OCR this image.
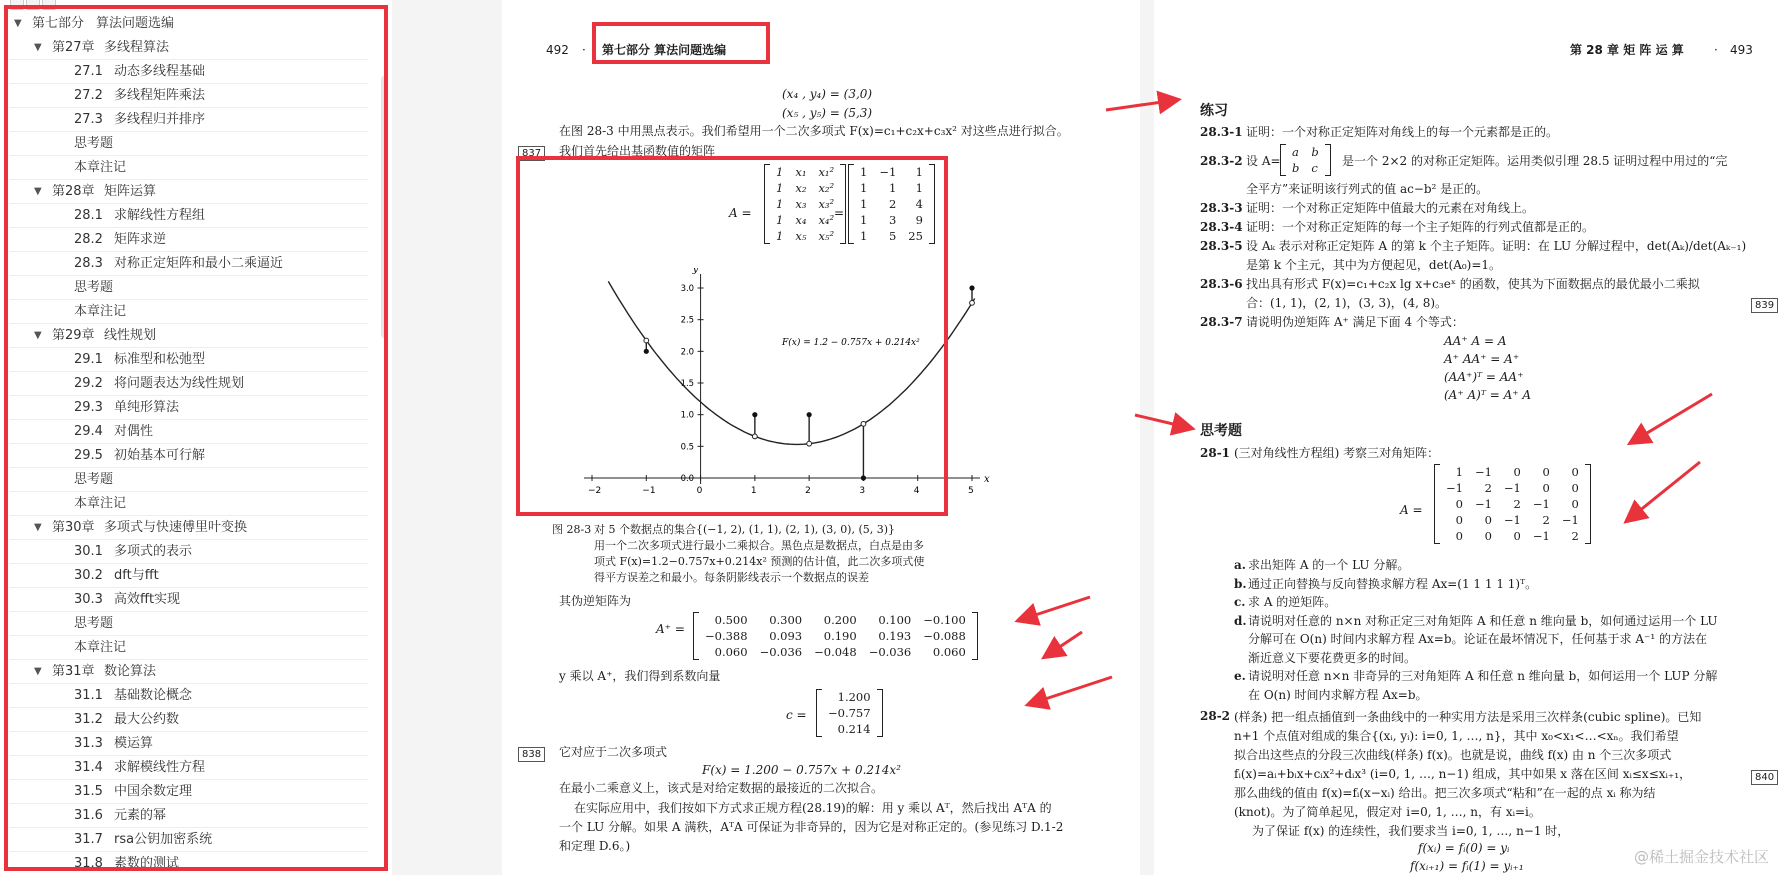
▼ 第七部分 算法问题选编
▼ 第27章 多线程算法
27.1 动态多线程基础
27.2 多线程矩阵乘法
27.3 多线程归并排序
思考题
本章注记
▼ 第28章 矩阵运算
28.1 求解线性方程组
28.2 矩阵求逆
28.3 对称正定矩阵和最小二乘逼近
思考题
本章注记
▼ 第29章 线性规划
29.1 标准型和松弛型
29.2 将问题表达为线性规划
29.3 单纯形算法
29.4 对偶性
29.5 初始基本可行解
思考题
本章注记
▼ 第30章 多项式与快速傅里叶变换
30.1 多项式的表示
30.2 dft与fft
30.3 高效fft实现
思考题
本章注记
▼ 第31章 数论算法
31.1 基础数论概念
31.2 最大公约数
31.3 模运算
31.4 求解模线性方程
31.5 中国余数定理
31.6 元素的幂
31.7 rsa公钥加密系统
31.8 素数的测试
492 · 第七部分 算法问题选编
(x₄ , y₄) = (3,0)
(x₅ , y₅) = (5,3)
在图 28-3 中用黑点表示。我们希望用一个二次多项式 F(x)=c₁+c₂x+c₃x² 对这些点进行拟合。
837	我们首先给出基函数值的矩阵
A =
1	x₁	x₁²
1	x₂	x₂²
1	x₃	x₃²
1	x₄	x₄²
1	x₅	x₅²
=
1	−1	1
1	1	1
1	2	4
1	3	9
1	5	25
x
y
−2	−1	0	1	2	3	4	5
0.0
0.5
1.0
1.5
2.0
2.5
3.0
F(x) = 1.2 − 0.757x + 0.214x²
图 28-3 对 5 个数据点的集合{(−1, 2), (1, 1), (2, 1), (3, 0), (5, 3)}
用一个二次多项式进行最小二乘拟合。黑色点是数据点，白点是由多
项式 F(x)=1.2−0.757x+0.214x² 预测的估计值，此二次多项式使
得平方误差之和最小。每条阴影线表示一个数据点的误差
其伪逆矩阵为
A⁺ =
0.500	0.300	0.200	0.100	−0.100
−0.388	0.093	0.190	0.193	−0.088
0.060	−0.036	−0.048	−0.036	0.060
y 乘以 A⁺，我们得到系数向量
c =
1.200
−0.757
0.214
838	它对应于二次多项式
F(x) = 1.200 − 0.757x + 0.214x²
在最小二乘意义上，该式是对给定数据的最接近的二次拟合。
在实际应用中，我们按如下方式求正规方程(28.19)的解：用 y 乘以 Aᵀ，然后找出 AᵀA 的
一个 LU 分解。如果 A 满秩，AᵀA 可保证为非奇异的，因为它是对称正定的。(参见练习 D.1-2
和定理 D.6。)
第 28 章 矩 阵 运 算	· 493
练习
28.3-1 证明：一个对称正定矩阵对角线上的每一个元素都是正的。
28.3-2 设 A=
a	b
b	c	是一个 2×2 的对称正定矩阵。运用类似引理 28.5 证明过程中用过的“完
全平方”来证明该行列式的值 ac−b² 是正的。
28.3-3 证明：一个对称正定矩阵中值最大的元素在对角线上。
28.3-4 证明：一个对称正定矩阵的每一个主子矩阵的行列式值都是正的。
28.3-5 设 Aₖ 表示对称正定矩阵 A 的第 k 个主子矩阵。证明：在 LU 分解过程中，det(Aₖ)/det(Aₖ₋₁)
是第 k 个主元，其中为方便起见，det(A₀)=1。
28.3-6 找出具有形式 F(x)=c₁+c₂x lg x+c₃eˣ 的函数，使其为下面数据点的最优最小二乘拟
合：(1, 1)，(2, 1)，(3, 3)，(4, 8)。	839
28.3-7 请说明伪逆矩阵 A⁺ 满足下面 4 个等式：
AA⁺ A = A
A⁺ AA⁺ = A⁺
(AA⁺)ᵀ = AA⁺
(A⁺ A)ᵀ = A⁺ A
思考题
28-1 (三对角线性方程组) 考察三对角矩阵：
A =
1	−1	0	0	0
−1	2	−1	0	0
0	−1	2	−1	0
0	0	−1	2	−1
0	0	0	−1	2
a. 求出矩阵 A 的一个 LU 分解。
b. 通过正向替换与反向替换求解方程 Ax=(1 1 1 1 1)ᵀ。
c. 求 A 的逆矩阵。
d. 请说明对任意的 n×n 对称正定三对角矩阵 A 和任意 n 维向量 b，如何通过运用一个 LU
分解可在 O(n) 时间内求解方程 Ax=b。论证在最坏情况下，任何基于求 A⁻¹ 的方法在
渐近意义下要花费更多的时间。
e. 请说明对任意 n×n 非奇异的三对角矩阵 A 和任意 n 维向量 b，如何运用一个 LUP 分解
在 O(n) 时间内求解方程 Ax=b。
28-2 (样条) 把一组点插值到一条曲线中的一种实用方法是采用三次样条(cubic spline)。已知
n+1 个点值对组成的集合{(xᵢ, yᵢ): i=0, 1, …, n}，其中 x₀<x₁<…<xₙ。我们希望
拟合出这些点的分段三次曲线(样条) f(x)。也就是说，曲线 f(x) 由 n 个三次多项式
fᵢ(x)=aᵢ+bᵢx+cᵢx²+dᵢx³ (i=0, 1, …, n−1) 组成，其中如果 x 落在区间 xᵢ≤x≤xᵢ₊₁，
那么曲线的值由 f(x)=fᵢ(x−xᵢ) 给出。把三次多项式“粘和”在一起的点 xᵢ 称为结
(knot)。为了简单起见，假定对 i=0, 1, …, n，有 xᵢ=i。
为了保证 f(x) 的连续性，我们要求当 i=0, 1, …, n−1 时，
840
f(xᵢ) = fᵢ(0) = yᵢ
f(xᵢ₊₁) = fᵢ(1) = yᵢ₊₁	@稀土掘金技术社区
